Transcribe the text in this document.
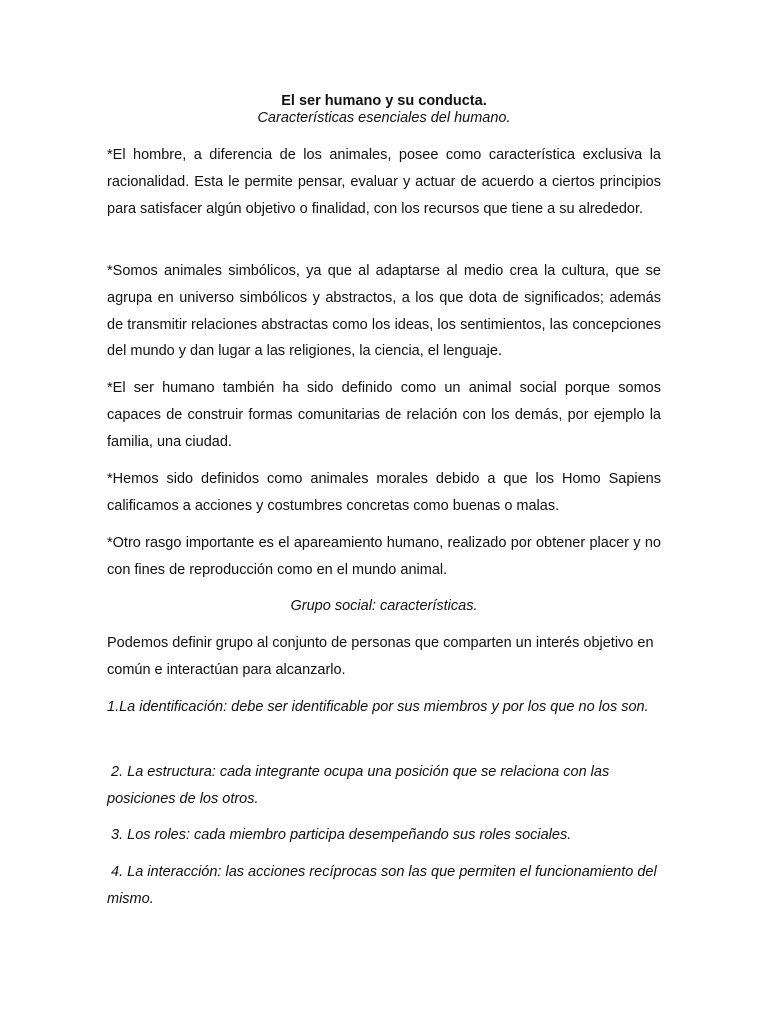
El ser humano y su conducta.

Características esenciales del humano.

*El hombre, a diferencia de los animales, posee como característica exclusiva la racionalidad. Esta le permite pensar, evaluar y actuar de acuerdo a ciertos principios para satisfacer algún objetivo o finalidad, con los recursos que tiene a su alrededor.

*Somos animales simbólicos, ya que al adaptarse al medio crea la cultura, que se agrupa en universo simbólicos y abstractos, a los que dota de significados; además de transmitir relaciones abstractas como los ideas, los sentimientos, las concepciones del mundo y dan lugar a las religiones, la ciencia, el lenguaje.

*El ser humano también ha sido definido como un animal social porque somos capaces de construir formas comunitarias de relación con los demás, por ejemplo la familia, una ciudad.

*Hemos sido definidos como animales morales debido a que los Homo Sapiens calificamos a acciones y costumbres concretas como buenas o malas.

*Otro rasgo importante es el apareamiento humano, realizado por obtener placer y no con fines de reproducción como en el mundo animal.

Grupo social: características.

Podemos definir grupo al conjunto de personas que comparten un interés objetivo en común e interactúan para alcanzarlo.

1.La identificación: debe ser identificable por sus miembros y por los que no los son.

2. La estructura: cada integrante ocupa una posición que se relaciona con las posiciones de los otros.

3. Los roles: cada miembro participa desempeñando sus roles sociales.

4. La interacción: las acciones recíprocas son las que permiten el funcionamiento del mismo.
